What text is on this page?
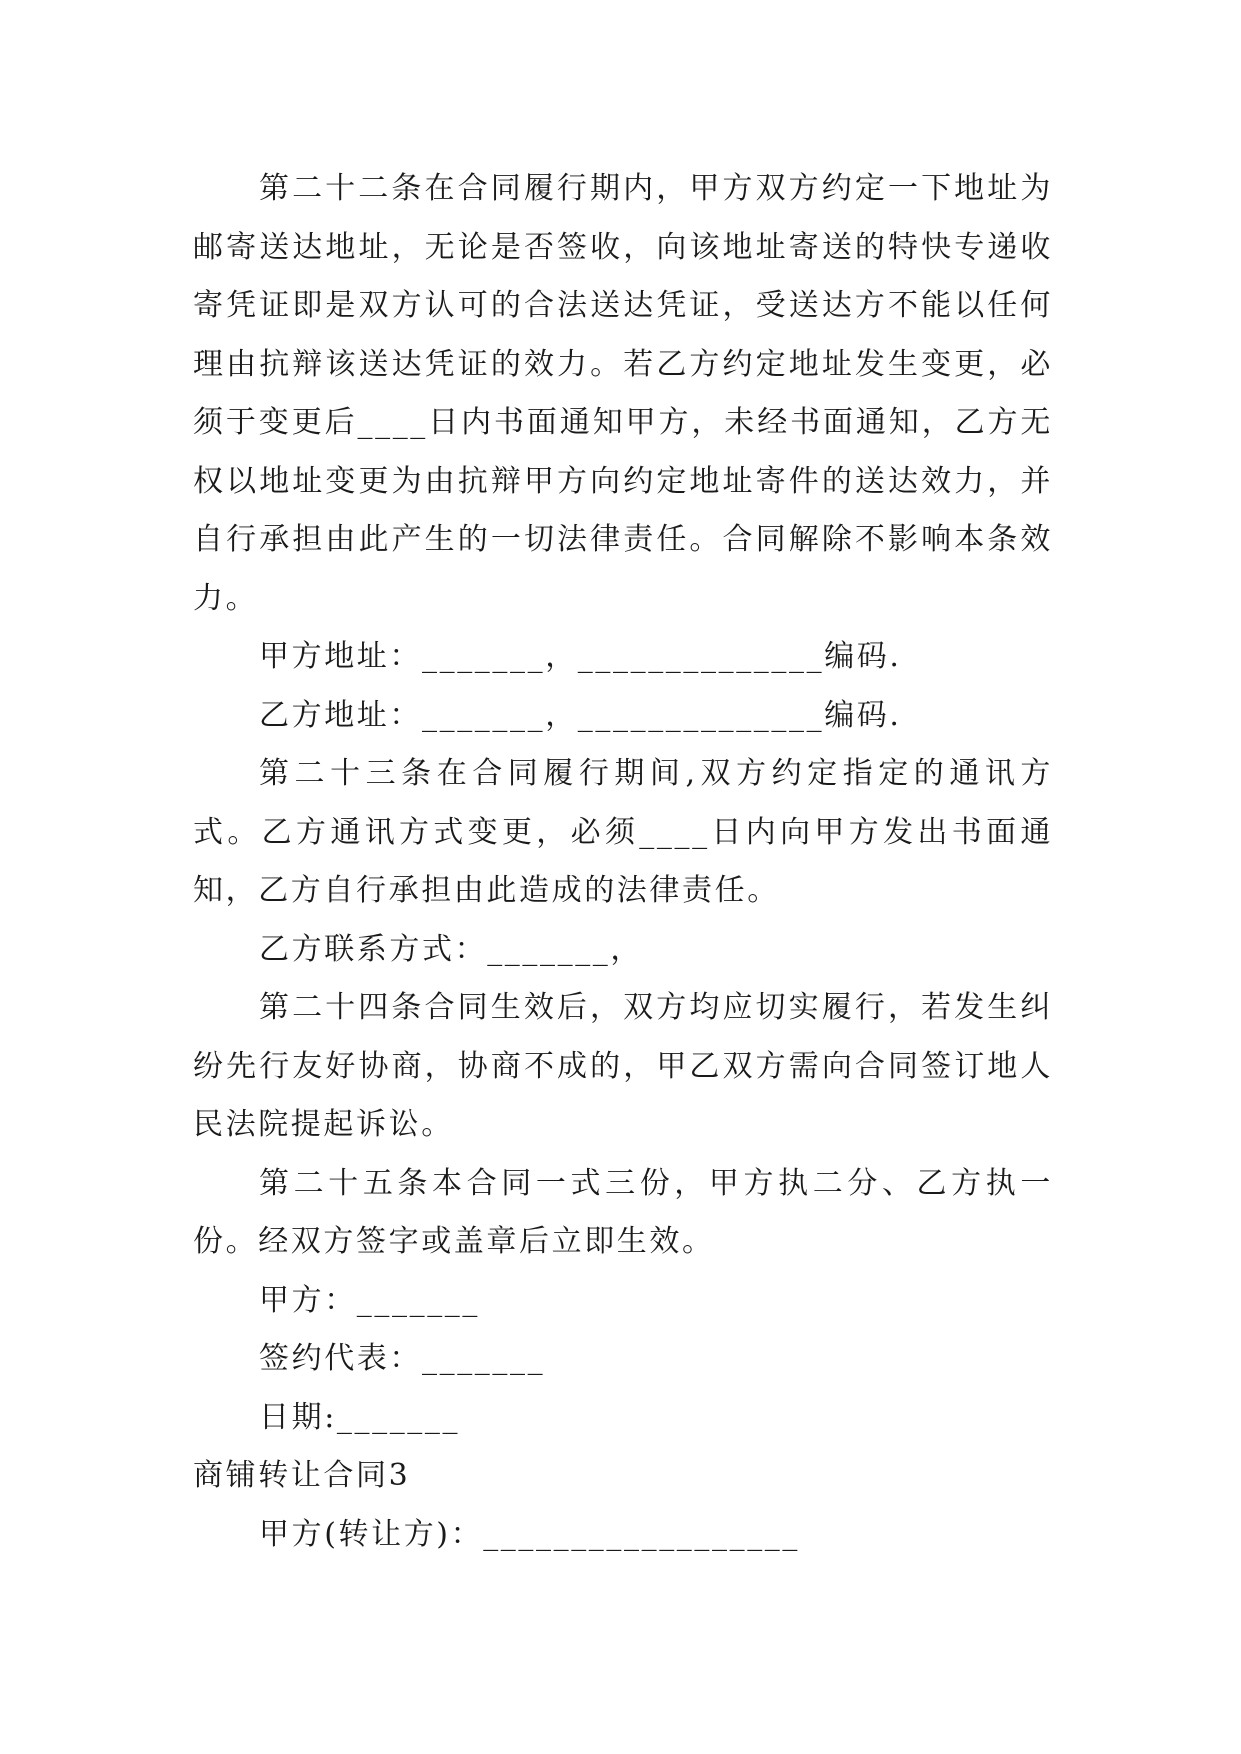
第二十二条在合同履行期内，甲方双方约定一下地址为邮寄送达地址，无论是否签收，向该地址寄送的特快专递收寄凭证即是双方认可的合法送达凭证，受送达方不能以任何理由抗辩该送达凭证的效力。若乙方约定地址发生变更，必须于变更后____日内书面通知甲方，未经书面通知，乙方无权以地址变更为由抗辩甲方向约定地址寄件的送达效力，并自行承担由此产生的一切法律责任。合同解除不影响本条效力。

甲方地址：_______，______________编码.

乙方地址：_______，______________编码.

第二十三条在合同履行期间,双方约定指定的通讯方式。乙方通讯方式变更，必须____日内向甲方发出书面通知，乙方自行承担由此造成的法律责任。

乙方联系方式：_______，

第二十四条合同生效后，双方均应切实履行，若发生纠纷先行友好协商，协商不成的，甲乙双方需向合同签订地人民法院提起诉讼。

第二十五条本合同一式三份，甲方执二分、乙方执一份。经双方签字或盖章后立即生效。

甲方：_______

签约代表：_______

日期:_______

商铺转让合同3

甲方(转让方)：__________________
